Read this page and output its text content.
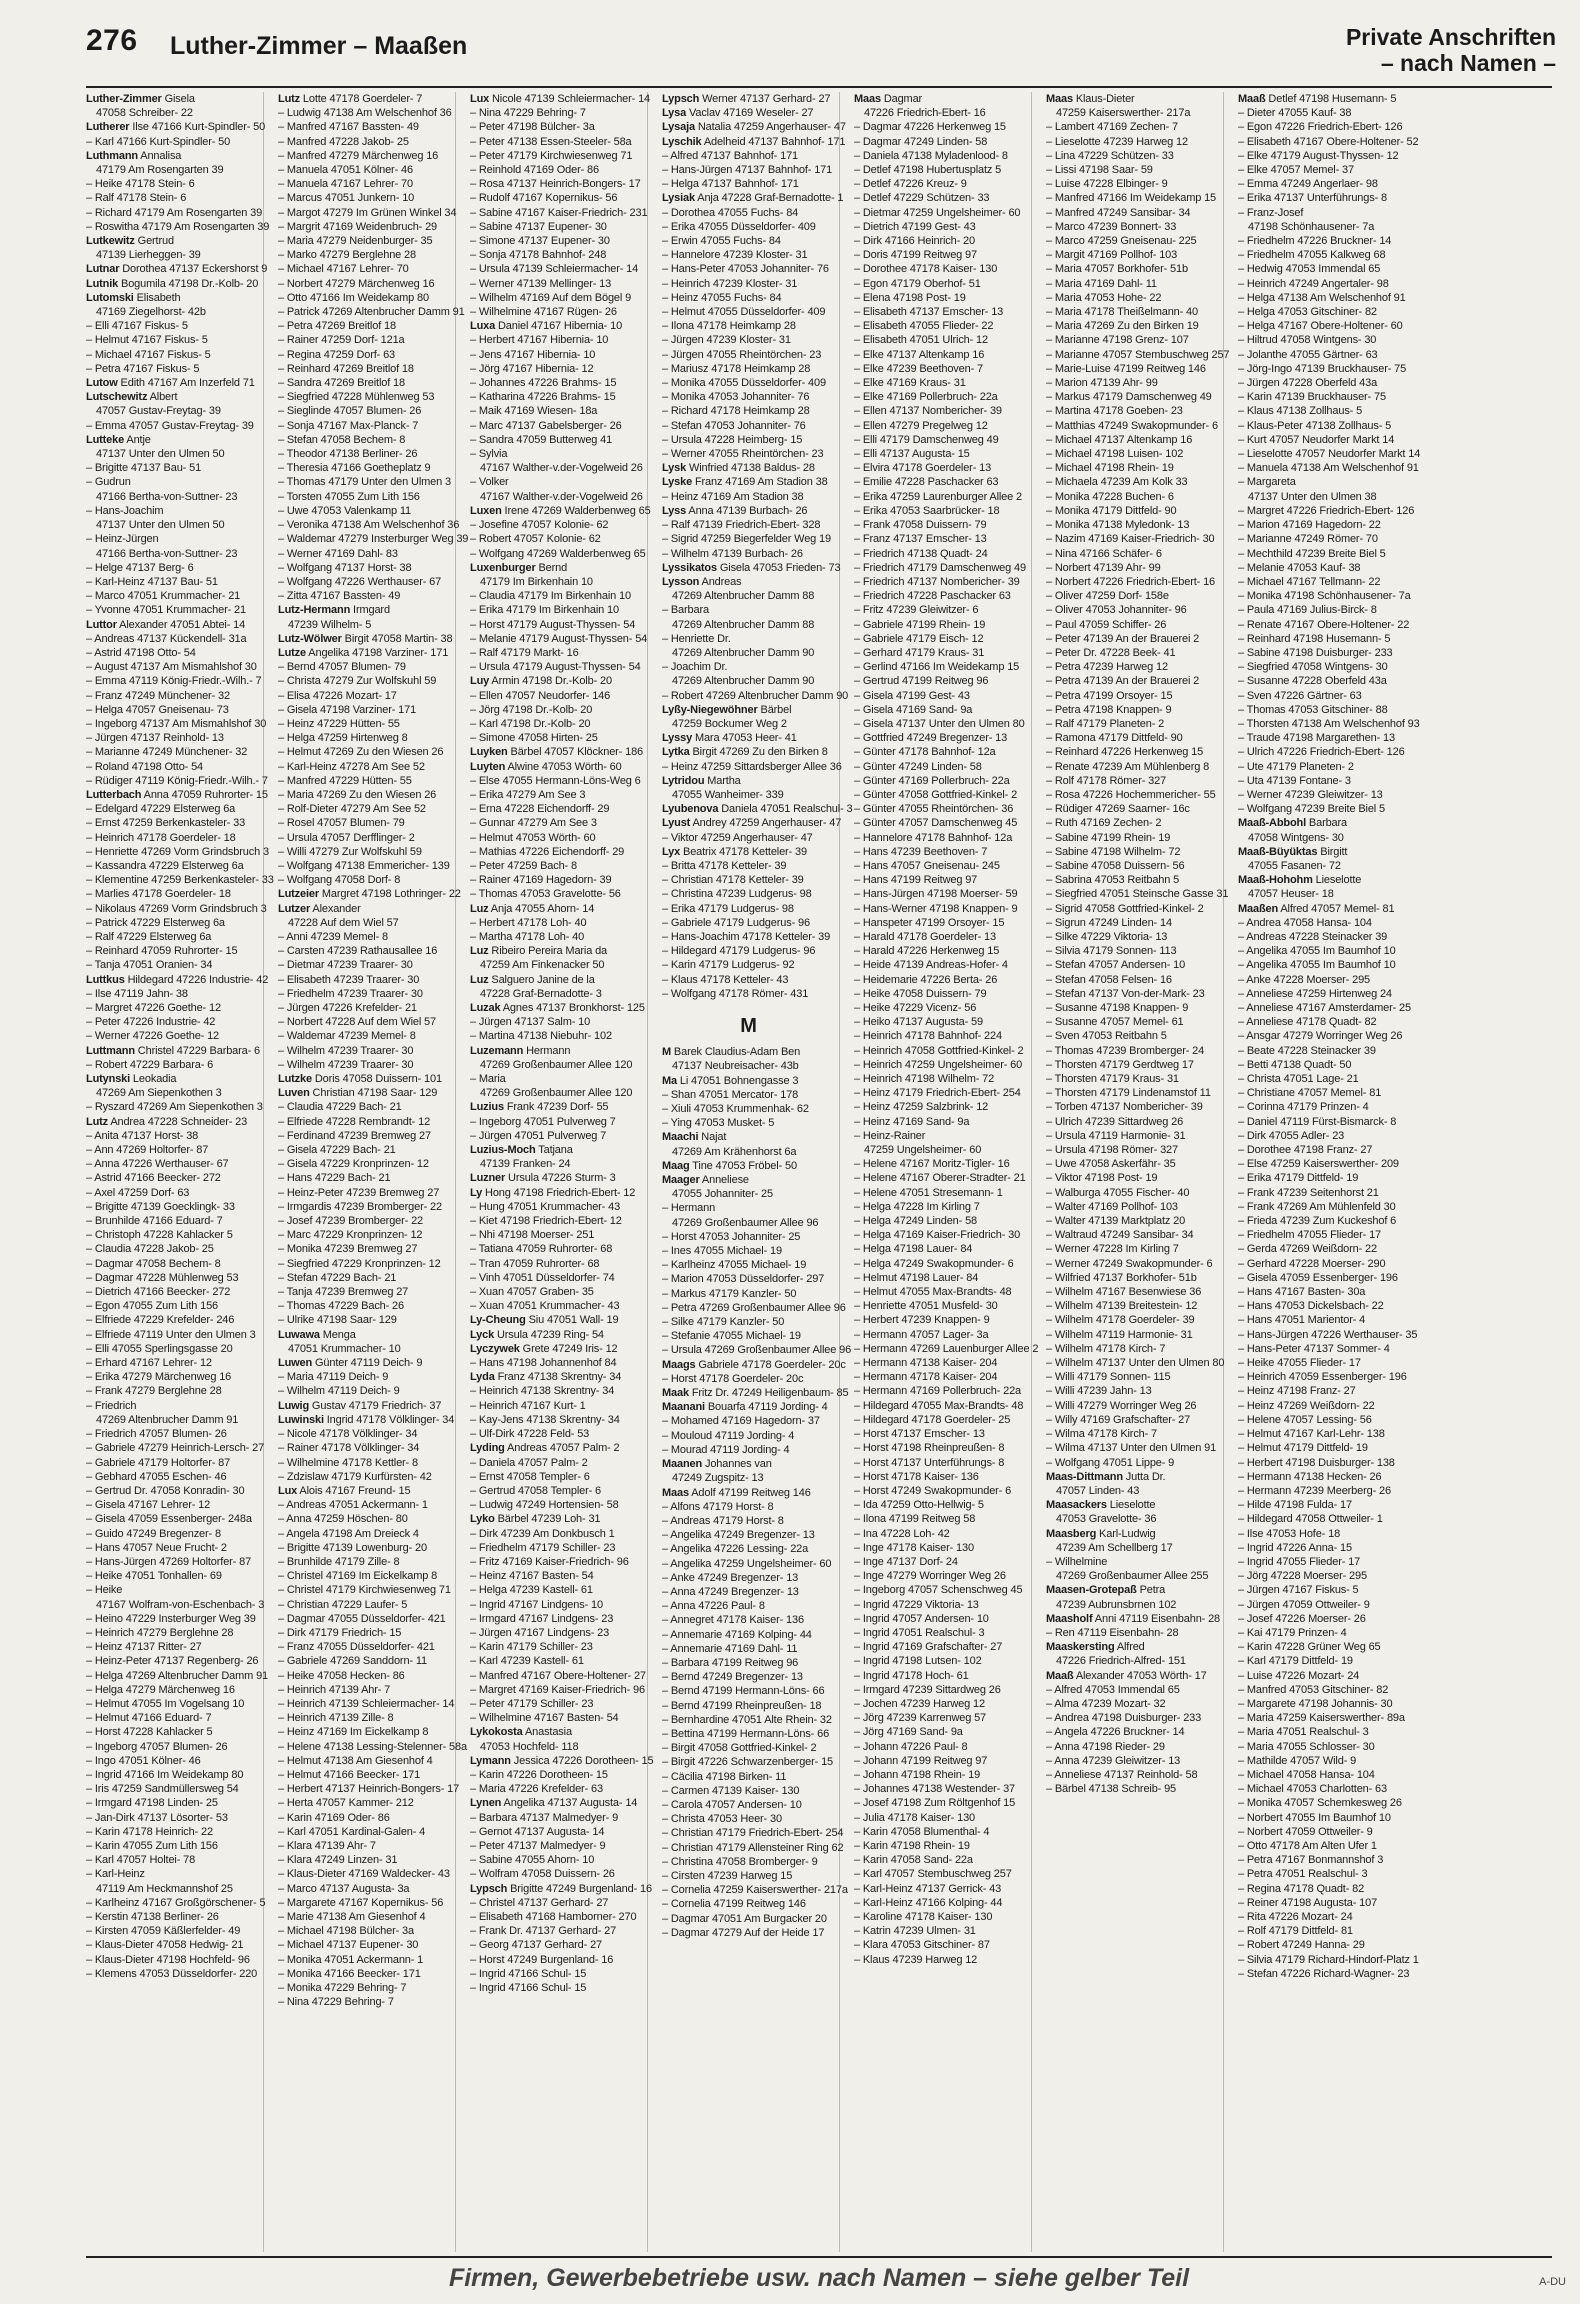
276 Luther-Zimmer – Maaßen	Private Anschriften
– nach Namen –
Luther-Zimmer Gisela
47058 Schreiber- 22
Lutherer Ilse 47166 Kurt-Spindler- 50
– Karl 47166 Kurt-Spindler- 50
Luthmann Annalisa
47179 Am Rosengarten 39
– Heike 47178 Stein- 6
– Ralf 47178 Stein- 6
– Richard 47179 Am Rosengarten 39
– Roswitha 47179 Am Rosengarten 39
Lutkewitz Gertrud
47139 Lierheggen- 39
Lutnar Dorothea 47137 Eckershorst 9
Lutnik Bogumila 47198 Dr.-Kolb- 20
Lutomski Elisabeth
47169 Ziegelhorst- 42b
– Elli 47167 Fiskus- 5
– Helmut 47167 Fiskus- 5
– Michael 47167 Fiskus- 5
– Petra 47167 Fiskus- 5
Lutow Edith 47167 Am Inzerfeld 71
Lutschewitz Albert
47057 Gustav-Freytag- 39
– Emma 47057 Gustav-Freytag- 39
Lutteke Antje
47137 Unter den Ulmen 50
– Brigitte 47137 Bau- 51
– Gudrun
47166 Bertha-von-Suttner- 23
– Hans-Joachim
47137 Unter den Ulmen 50
– Heinz-Jürgen
47166 Bertha-von-Suttner- 23
– Helge 47137 Berg- 6
– Karl-Heinz 47137 Bau- 51
– Marco 47051 Krummacher- 21
– Yvonne 47051 Krummacher- 21
Luttor Alexander 47051 Abtei- 14
– Andreas 47137 Kückendell- 31a
– Astrid 47198 Otto- 54
– August 47137 Am Mismahlshof 30
– Emma 47119 König-Friedr.-Wilh.- 7
– Franz 47249 Münchener- 32
– Helga 47057 Gneisenau- 73
– Ingeborg 47137 Am Mismahlshof 30
– Jürgen 47137 Reinhold- 13
– Marianne 47249 Münchener- 32
– Roland 47198 Otto- 54
– Rüdiger 47119 König-Friedr.-Wilh.- 7
Lutterbach Anna 47059 Ruhrorter- 15
– Edelgard 47229 Elsterweg 6a
– Ernst 47259 Berkenkasteler- 33
– Heinrich 47178 Goerdeler- 18
– Henriette 47269 Vorm Grindsbruch 3
– Kassandra 47229 Elsterweg 6a
– Klementine 47259 Berkenkasteler- 33
– Marlies 47178 Goerdeler- 18
– Nikolaus 47269 Vorm Grindsbruch 3
– Patrick 47229 Elsterweg 6a
– Ralf 47229 Elsterweg 6a
– Reinhard 47059 Ruhrorter- 15
– Tanja 47051 Oranien- 34
Luttkus Hildegard 47226 Industrie- 42
– Ilse 47119 Jahn- 38
– Margret 47226 Goethe- 12
– Peter 47226 Industrie- 42
– Werner 47226 Goethe- 12
Luttmann Christel 47229 Barbara- 6
– Robert 47229 Barbara- 6
Lutynski Leokadia
47269 Am Siepenkothen 3
– Ryszard 47269 Am Siepenkothen 3
Lutz Andrea 47228 Schneider- 23
– Anita 47137 Horst- 38
– Ann 47269 Holtorfer- 87
– Anna 47226 Werthauser- 67
– Astrid 47166 Beecker- 272
– Axel 47259 Dorf- 63
– Brigitte 47139 Goecklingk- 33
– Brunhilde 47166 Eduard- 7
– Christoph 47228 Kahlacker 5
– Claudia 47228 Jakob- 25
– Dagmar 47058 Bechem- 8
– Dagmar 47228 Mühlenweg 53
– Dietrich 47166 Beecker- 272
– Egon 47055 Zum Lith 156
– Elfriede 47229 Krefelder- 246
– Elfriede 47119 Unter den Ulmen 3
– Elli 47055 Sperlingsgasse 20
– Erhard 47167 Lehrer- 12
– Erika 47279 Märchenweg 16
– Frank 47279 Berglehne 28
– Friedrich
47269 Altenbrucher Damm 91
– Friedrich 47057 Blumen- 26
– Gabriele 47279 Heinrich-Lersch- 27
– Gabriele 47179 Holtorfer- 87
– Gebhard 47055 Eschen- 46
– Gertrud Dr. 47058 Konradin- 30
– Gisela 47167 Lehrer- 12
– Gisela 47059 Essenberger- 248a
– Guido 47249 Bregenzer- 8
– Hans 47057 Neue Frucht- 2
– Hans-Jürgen 47269 Holtorfer- 87
– Heike 47051 Tonhallen- 69
– Heike
47167 Wolfram-von-Eschenbach- 3
– Heino 47229 Insterburger Weg 39
– Heinrich 47279 Berglehne 28
– Heinz 47137 Ritter- 27
– Heinz-Peter 47137 Regenberg- 26
– Helga 47269 Altenbrucher Damm 91
– Helga 47279 Märchenweg 16
– Helmut 47055 Im Vogelsang 10
– Helmut 47166 Eduard- 7
– Horst 47228 Kahlacker 5
– Ingeborg 47057 Blumen- 26
– Ingo 47051 Kölner- 46
– Ingrid 47166 Im Weidekamp 80
– Iris 47259 Sandmüllersweg 54
– Irmgard 47198 Linden- 25
– Jan-Dirk 47137 Lösorter- 53
– Karin 47178 Heinrich- 22
– Karin 47055 Zum Lith 156
– Karl 47057 Holtei- 78
– Karl-Heinz
47119 Am Heckmannshof 25
– Karlheinz 47167 Großgörschener- 5
– Kerstin 47138 Berliner- 26
– Kirsten 47059 Käßlerfelder- 49
– Klaus-Dieter 47058 Hedwig- 21
– Klaus-Dieter 47198 Hochfeld- 96
– Klemens 47053 Düsseldorfer- 220
Lutz Lotte 47178 Goerdeler- 7
– Ludwig 47138 Am Welschenhof 36
– Manfred 47167 Bassten- 49
– Manfred 47228 Jakob- 25
– Manfred 47279 Märchenweg 16
– Manuela 47051 Kölner- 46
– Manuela 47167 Lehrer- 70
– Marcus 47051 Junkern- 10
– Margot 47279 Im Grünen Winkel 34
– Margrit 47169 Weidenbruch- 29
– Maria 47279 Neidenburger- 35
– Marko 47279 Berglehne 28
– Michael 47167 Lehrer- 70
– Norbert 47279 Märchenweg 16
– Otto 47166 Im Weidekamp 80
– Patrick 47269 Altenbrucher Damm 91
– Petra 47269 Breitlof 18
– Rainer 47259 Dorf- 121a
– Regina 47259 Dorf- 63
– Reinhard 47269 Breitlof 18
– Sandra 47269 Breitlof 18
– Siegfried 47228 Mühlenweg 53
– Sieglinde 47057 Blumen- 26
– Sonja 47167 Max-Planck- 7
– Stefan 47058 Bechem- 8
– Theodor 47138 Berliner- 26
– Theresia 47166 Goetheplatz 9
– Thomas 47179 Unter den Ulmen 3
– Torsten 47055 Zum Lith 156
– Uwe 47053 Valenkamp 11
– Veronika 47138 Am Welschenhof 36
– Waldemar 47279 Insterburger Weg 39
– Werner 47169 Dahl- 83
– Wolfgang 47137 Horst- 38
– Wolfgang 47226 Werthauser- 67
– Zitta 47167 Bassten- 49
Lutz-Hermann Irmgard
47239 Wilhelm- 5
Lutz-Wölwer Birgit 47058 Martin- 38
Lutze Angelika 47198 Varziner- 171
– Bernd 47057 Blumen- 79
– Christa 47279 Zur Wolfskuhl 59
– Elisa 47226 Mozart- 17
– Gisela 47198 Varziner- 171
– Heinz 47229 Hütten- 55
– Helga 47259 Hirtenweg 8
– Helmut 47269 Zu den Wiesen 26
– Karl-Heinz 47278 Am See 52
– Manfred 47229 Hütten- 55
– Maria 47269 Zu den Wiesen 26
– Rolf-Dieter 47279 Am See 52
– Rosel 47057 Blumen- 79
– Ursula 47057 Derfflinger- 2
– Willi 47279 Zur Wolfskuhl 59
– Wolfgang 47138 Emmericher- 139
– Wolfgang 47058 Dorf- 8
Lutzeier Margret 47198 Lothringer- 22
Lutzer Alexander
47228 Auf dem Wiel 57
– Anni 47239 Memel- 8
– Carsten 47239 Rathausallee 16
– Dietmar 47239 Traarer- 30
– Elisabeth 47239 Traarer- 30
– Friedhelm 47239 Traarer- 30
– Jürgen 47226 Krefelder- 21
– Norbert 47228 Auf dem Wiel 57
– Waldemar 47239 Memel- 8
– Wilhelm 47239 Traarer- 30
– Wilhelm 47239 Traarer- 30
Lutzke Doris 47058 Duissern- 101
Luven Christian 47198 Saar- 129
– Claudia 47229 Bach- 21
– Elfriede 47228 Rembrandt- 12
– Ferdinand 47239 Bremweg 27
– Gisela 47229 Bach- 21
– Gisela 47229 Kronprinzen- 12
– Hans 47229 Bach- 21
– Heinz-Peter 47239 Bremweg 27
– Irmgardis 47239 Bromberger- 22
– Josef 47239 Bromberger- 22
– Marc 47229 Kronprinzen- 12
– Monika 47239 Bremweg 27
– Siegfried 47229 Kronprinzen- 12
– Stefan 47229 Bach- 21
– Tanja 47239 Bremweg 27
– Thomas 47229 Bach- 26
– Ulrike 47198 Saar- 129
Luwawa Menga
47051 Krummacher- 10
Luwen Günter 47119 Deich- 9
– Maria 47119 Deich- 9
– Wilhelm 47119 Deich- 9
Luwig Gustav 47179 Friedrich- 37
Luwinski Ingrid 47178 Völklinger- 34
– Nicole 47178 Völklinger- 34
– Rainer 47178 Völklinger- 34
– Wilhelmine 47178 Kettler- 8
– Zdzislaw 47179 Kurfürsten- 42
Lux Alois 47167 Freund- 15
– Andreas 47051 Ackermann- 1
– Anna 47259 Höschen- 80
– Angela 47198 Am Dreieck 4
– Brigitte 47139 Lowenburg- 20
– Brunhilde 47179 Zille- 8
– Christel 47169 Im Eickelkamp 8
– Christel 47179 Kirchwiesenweg 71
– Christian 47229 Laufer- 5
– Dagmar 47055 Düsseldorfer- 421
– Dirk 47179 Friedrich- 15
– Franz 47055 Düsseldorfer- 421
– Gabriele 47269 Sanddorn- 11
– Heike 47058 Hecken- 86
– Heinrich 47139 Ahr- 7
– Heinrich 47139 Schleiermacher- 14
– Heinrich 47139 Zille- 8
– Heinz 47169 Im Eickelkamp 8
– Helene 47138 Lessing-Stelenner- 58a
– Helmut 47138 Am Giesenhof 4
– Helmut 47166 Beecker- 171
– Herbert 47137 Heinrich-Bongers- 17
– Herta 47057 Kammer- 212
– Karin 47169 Oder- 86
– Karl 47051 Kardinal-Galen- 4
– Klara 47139 Ahr- 7
– Klara 47249 Linzen- 31
– Klaus-Dieter 47169 Waldecker- 43
– Marco 47137 Augusta- 3a
– Margarete 47167 Kopernikus- 56
– Marie 47138 Am Giesenhof 4
– Michael 47198 Bülcher- 3a
– Michael 47137 Eupener- 30
– Monika 47051 Ackermann- 1
– Monika 47166 Beecker- 171
– Monika 47229 Behring- 7
– Nina 47229 Behring- 7
Lux Nicole 47139 Schleiermacher- 14
– Nina 47229 Behring- 7
– Peter 47198 Bülcher- 3a
– Peter 47138 Essen-Steeler- 58a
– Peter 47179 Kirchwiesenweg 71
– Reinhold 47169 Oder- 86
– Rosa 47137 Heinrich-Bongers- 17
– Rudolf 47167 Kopernikus- 56
– Sabine 47167 Kaiser-Friedrich- 231
– Sabine 47137 Eupener- 30
– Simone 47137 Eupener- 30
– Sonja 47178 Bahnhof- 248
– Ursula 47139 Schleiermacher- 14
– Werner 47139 Mellinger- 13
– Wilhelm 47169 Auf dem Bögel 9
– Wilhelmine 47167 Rügen- 26
Luxa Daniel 47167 Hibernia- 10
– Herbert 47167 Hibernia- 10
– Jens 47167 Hibernia- 10
– Jörg 47167 Hibernia- 12
– Johannes 47226 Brahms- 15
– Katharina 47226 Brahms- 15
– Maik 47169 Wiesen- 18a
– Marc 47137 Gabelsberger- 26
– Sandra 47059 Butterweg 41
– Sylvia
47167 Walther-v.der-Vogelweid 26
– Volker
47167 Walther-v.der-Vogelweid 26
Luxen Irene 47269 Walderbenweg 65
– Josefine 47057 Kolonie- 62
– Robert 47057 Kolonie- 62
– Wolfgang 47269 Walderbenweg 65
Luxenburger Bernd
47179 Im Birkenhain 10
– Claudia 47179 Im Birkenhain 10
– Erika 47179 Im Birkenhain 10
– Horst 47179 August-Thyssen- 54
– Melanie 47179 August-Thyssen- 54
– Ralf 47179 Markt- 16
– Ursula 47179 August-Thyssen- 54
Luy Armin 47198 Dr.-Kolb- 20
– Ellen 47057 Neudorfer- 146
– Jörg 47198 Dr.-Kolb- 20
– Karl 47198 Dr.-Kolb- 20
– Simone 47058 Hirten- 25
Luyken Bärbel 47057 Klöckner- 186
Luyten Alwine 47053 Wörth- 60
– Else 47055 Hermann-Löns-Weg 6
– Erika 47279 Am See 3
– Erna 47228 Eichendorff- 29
– Gunnar 47279 Am See 3
– Helmut 47053 Wörth- 60
– Mathias 47226 Eichendorff- 29
– Peter 47259 Bach- 8
– Rainer 47169 Hagedorn- 39
– Thomas 47053 Gravelotte- 56
Luz Anja 47055 Ahorn- 14
– Herbert 47178 Loh- 40
– Martha 47178 Loh- 40
Luz Ribeiro Pereira Maria da
47259 Am Finkenacker 50
Luz Salguero Janine de la
47228 Graf-Bernadotte- 3
Luzak Agnes 47137 Bronkhorst- 125
– Jürgen 47137 Salm- 10
– Martina 47138 Niebuhr- 102
Luzemann Hermann
47269 Großenbaumer Allee 120
– Maria
47269 Großenbaumer Allee 120
Luzius Frank 47239 Dorf- 55
– Ingeborg 47051 Pulverweg 7
– Jürgen 47051 Pulverweg 7
Luzius-Moch Tatjana
47139 Franken- 24
Luzner Ursula 47226 Sturm- 3
Ly Hong 47198 Friedrich-Ebert- 12
– Hung 47051 Krummacher- 43
– Kiet 47198 Friedrich-Ebert- 12
– Nhi 47198 Moerser- 251
– Tatiana 47059 Ruhrorter- 68
– Tran 47059 Ruhrorter- 68
– Vinh 47051 Düsseldorfer- 74
– Xuan 47057 Graben- 35
– Xuan 47051 Krummacher- 43
Ly-Cheung Siu 47051 Wall- 19
Lyck Ursula 47239 Ring- 54
Lyczywek Grete 47249 Iris- 12
– Hans 47198 Johannenhof 84
Lyda Franz 47138 Skrentny- 34
– Heinrich 47138 Skrentny- 34
– Heinrich 47167 Kurt- 1
– Kay-Jens 47138 Skrentny- 34
– Ulf-Dirk 47228 Feld- 53
Lyding Andreas 47057 Palm- 2
– Daniela 47057 Palm- 2
– Ernst 47058 Templer- 6
– Gertrud 47058 Templer- 6
– Ludwig 47249 Hortensien- 58
Lyko Bärbel 47239 Loh- 31
– Dirk 47239 Am Donkbusch 1
– Friedhelm 47179 Schiller- 23
– Fritz 47169 Kaiser-Friedrich- 96
– Heinz 47167 Basten- 54
– Helga 47239 Kastell- 61
– Ingrid 47167 Lindgens- 10
– Irmgard 47167 Lindgens- 23
– Jürgen 47167 Lindgens- 23
– Karin 47179 Schiller- 23
– Karl 47239 Kastell- 61
– Manfred 47167 Obere-Holtener- 27
– Margret 47169 Kaiser-Friedrich- 96
– Peter 47179 Schiller- 23
– Wilhelmine 47167 Basten- 54
Lykokosta Anastasia
47053 Hochfeld- 118
Lymann Jessica 47226 Dorotheen- 15
– Karin 47226 Dorotheen- 15
– Maria 47226 Krefelder- 63
Lynen Angelika 47137 Augusta- 14
– Barbara 47137 Malmedyer- 9
– Gernot 47137 Augusta- 14
– Peter 47137 Malmedyer- 9
– Sabine 47055 Ahorn- 10
– Wolfram 47058 Duissern- 26
Lypsch Brigitte 47249 Burgenland- 16
– Christel 47137 Gerhard- 27
– Elisabeth 47168 Hamborner- 270
– Frank Dr. 47137 Gerhard- 27
– Georg 47137 Gerhard- 27
– Horst 47249 Burgenland- 16
– Ingrid 47166 Schul- 15
– Ingrid 47166 Schul- 15
Lypsch Werner 47137 Gerhard- 27
Lysa Vaclav 47169 Weseler- 27
Lysaja Natalia 47259 Angerhauser- 47
Lyschik Adelheid 47137 Bahnhof- 171
– Alfred 47137 Bahnhof- 171
– Hans-Jürgen 47137 Bahnhof- 171
– Helga 47137 Bahnhof- 171
Lysiak Anja 47228 Graf-Bernadotte- 1
– Dorothea 47055 Fuchs- 84
– Erika 47055 Düsseldorfer- 409
– Erwin 47055 Fuchs- 84
– Hannelore 47239 Kloster- 31
– Hans-Peter 47053 Johanniter- 76
– Heinrich 47239 Kloster- 31
– Heinz 47055 Fuchs- 84
– Helmut 47055 Düsseldorfer- 409
– Ilona 47178 Heimkamp 28
– Jürgen 47239 Kloster- 31
– Jürgen 47055 Rheintörchen- 23
– Mariusz 47178 Heimkamp 28
– Monika 47055 Düsseldorfer- 409
– Monika 47053 Johanniter- 76
– Richard 47178 Heimkamp 28
– Stefan 47053 Johanniter- 76
– Ursula 47228 Heimberg- 15
– Werner 47055 Rheintörchen- 23
Lysk Winfried 47138 Baldus- 28
Lyske Franz 47169 Am Stadion 38
– Heinz 47169 Am Stadion 38
Lyss Anna 47139 Burbach- 26
– Ralf 47139 Friedrich-Ebert- 328
– Sigrid 47259 Biegerfelder Weg 19
– Wilhelm 47139 Burbach- 26
Lyssikatos Gisela 47053 Frieden- 73
Lysson Andreas
47269 Altenbrucher Damm 88
– Barbara
47269 Altenbrucher Damm 88
– Henriette Dr.
47269 Altenbrucher Damm 90
– Joachim Dr.
47269 Altenbrucher Damm 90
– Robert 47269 Altenbrucher Damm 90
Lyßy-Niegewöhner Bärbel
47259 Bockumer Weg 2
Lyssy Mara 47053 Heer- 41
Lytka Birgit 47269 Zu den Birken 8
– Heinz 47259 Sittardsberger Allee 36
Lytridou Martha
47055 Wanheimer- 339
Lyubenova Daniela 47051 Realschul- 3
Lyust Andrey 47259 Angerhauser- 47
– Viktor 47259 Angerhauser- 47
Lyx Beatrix 47178 Ketteler- 39
– Britta 47178 Ketteler- 39
– Christian 47178 Ketteler- 39
– Christina 47239 Ludgerus- 98
– Erika 47179 Ludgerus- 98
– Gabriele 47179 Ludgerus- 96
– Hans-Joachim 47178 Ketteler- 39
– Hildegard 47179 Ludgerus- 96
– Karin 47179 Ludgerus- 92
– Klaus 47178 Ketteler- 43
– Wolfgang 47178 Römer- 431
M
M Barek Claudius-Adam Ben
47137 Neubreisacher- 43b
Ma Li 47051 Bohnengasse 3
– Shan 47051 Mercator- 178
– Xiuli 47053 Krummenhak- 62
– Ying 47053 Musket- 5
Maachi Najat
47269 Am Krähenhorst 6a
Maag Tine 47053 Fröbel- 50
Maager Anneliese
47055 Johanniter- 25
– Hermann
47269 Großenbaumer Allee 96
– Horst 47053 Johanniter- 25
– Ines 47055 Michael- 19
– Karlheinz 47055 Michael- 19
– Marion 47053 Düsseldorfer- 297
– Markus 47179 Kanzler- 50
– Petra 47269 Großenbaumer Allee 96
– Silke 47179 Kanzler- 50
– Stefanie 47055 Michael- 19
– Ursula 47269 Großenbaumer Allee 96
Maags Gabriele 47178 Goerdeler- 20c
– Horst 47178 Goerdeler- 20c
Maak Fritz Dr. 47249 Heiligenbaum- 85
Maanani Bouarfa 47119 Jording- 4
– Mohamed 47169 Hagedorn- 37
– Mouloud 47119 Jording- 4
– Mourad 47119 Jording- 4
Maanen Johannes van
47249 Zugspitz- 13
Maas Adolf 47199 Reitweg 146
– Alfons 47179 Horst- 8
– Andreas 47179 Horst- 8
– Angelika 47249 Bregenzer- 13
– Angelika 47226 Lessing- 22a
– Angelika 47259 Ungelsheimer- 60
– Anke 47249 Bregenzer- 13
– Anna 47249 Bregenzer- 13
– Anna 47226 Paul- 8
– Annegret 47178 Kaiser- 136
– Annemarie 47169 Kolping- 44
– Annemarie 47169 Dahl- 11
– Barbara 47199 Reitweg 96
– Bernd 47249 Bregenzer- 13
– Bernd 47199 Hermann-Löns- 66
– Bernd 47199 Rheinpreußen- 18
– Bernhardine 47051 Alte Rhein- 32
– Bettina 47199 Hermann-Löns- 66
– Birgit 47058 Gottfried-Kinkel- 2
– Birgit 47226 Schwarzenberger- 15
– Cäcilia 47198 Birken- 11
– Carmen 47139 Kaiser- 130
– Carola 47057 Andersen- 10
– Christa 47053 Heer- 30
– Christian 47179 Friedrich-Ebert- 254
– Christian 47179 Allensteiner Ring 62
– Christina 47058 Bromberger- 9
– Cirsten 47239 Harweg 15
– Cornelia 47259 Kaiserswerther- 217a
– Cornelia 47199 Reitweg 146
– Dagmar 47051 Am Burgacker 20
– Dagmar 47279 Auf der Heide 17
Maas Dagmar
47226 Friedrich-Ebert- 16
– Dagmar 47226 Herkenweg 15
– Dagmar 47249 Linden- 58
– Daniela 47138 Myladenlood- 8
– Detlef 47198 Hubertusplatz 5
– Detlef 47226 Kreuz- 9
– Detlef 47229 Schützen- 33
– Dietmar 47259 Ungelsheimer- 60
– Dietrich 47199 Gest- 43
– Dirk 47166 Heinrich- 20
– Doris 47199 Reitweg 97
– Dorothee 47178 Kaiser- 130
– Egon 47179 Oberhof- 51
– Elena 47198 Post- 19
– Elisabeth 47137 Emscher- 13
– Elisabeth 47055 Flieder- 22
– Elisabeth 47051 Ulrich- 12
– Elke 47137 Altenkamp 16
– Elke 47239 Beethoven- 7
– Elke 47169 Kraus- 31
– Elke 47169 Pollerbruch- 22a
– Ellen 47137 Nombericher- 39
– Ellen 47279 Pregelweg 12
– Elli 47179 Damschenweg 49
– Elli 47137 Augusta- 15
– Elvira 47178 Goerdeler- 13
– Emilie 47228 Paschacker 63
– Erika 47259 Laurenburger Allee 2
– Erika 47053 Saarbrücker- 18
– Frank 47058 Duissern- 79
– Franz 47137 Emscher- 13
– Friedrich 47138 Quadt- 24
– Friedrich 47179 Damschenweg 49
– Friedrich 47137 Nombericher- 39
– Friedrich 47228 Paschacker 63
– Fritz 47239 Gleiwitzer- 6
– Gabriele 47199 Rhein- 19
– Gabriele 47179 Eisch- 12
– Gerhard 47179 Kraus- 31
– Gerlind 47166 Im Weidekamp 15
– Gertrud 47199 Reitweg 96
– Gisela 47199 Gest- 43
– Gisela 47169 Sand- 9a
– Gisela 47137 Unter den Ulmen 80
– Gottfried 47249 Bregenzer- 13
– Günter 47178 Bahnhof- 12a
– Günter 47249 Linden- 58
– Günter 47169 Pollerbruch- 22a
– Günter 47058 Gottfried-Kinkel- 2
– Günter 47055 Rheintörchen- 36
– Günter 47057 Damschenweg 45
– Hannelore 47178 Bahnhof- 12a
– Hans 47239 Beethoven- 7
– Hans 47057 Gneisenau- 245
– Hans 47199 Reitweg 97
– Hans-Jürgen 47198 Moerser- 59
– Hans-Werner 47198 Knappen- 9
– Hanspeter 47199 Orsoyer- 15
– Harald 47178 Goerdeler- 13
– Harald 47226 Herkenweg 15
– Heide 47139 Andreas-Hofer- 4
– Heidemarie 47226 Berta- 26
– Heike 47058 Duissern- 79
– Heike 47229 Vicenz- 56
– Heiko 47137 Augusta- 59
– Heinrich 47178 Bahnhof- 224
– Heinrich 47058 Gottfried-Kinkel- 2
– Heinrich 47259 Ungelsheimer- 60
– Heinrich 47198 Wilhelm- 72
– Heinz 47179 Friedrich-Ebert- 254
– Heinz 47259 Salzbrink- 12
– Heinz 47169 Sand- 9a
– Heinz-Rainer
47259 Ungelsheimer- 60
– Helene 47167 Moritz-Tigler- 16
– Helene 47167 Oberer-Stradter- 21
– Helene 47051 Stresemann- 1
– Helga 47228 Im Kirling 7
– Helga 47249 Linden- 58
– Helga 47169 Kaiser-Friedrich- 30
– Helga 47198 Lauer- 84
– Helga 47249 Swakopmunder- 6
– Helmut 47198 Lauer- 84
– Helmut 47055 Max-Brandts- 48
– Henriette 47051 Musfeld- 30
– Herbert 47239 Knappen- 9
– Hermann 47057 Lager- 3a
– Hermann 47269 Lauenburger Allee 2
– Hermann 47138 Kaiser- 204
– Hermann 47178 Kaiser- 204
– Hermann 47169 Pollerbruch- 22a
– Hildegard 47055 Max-Brandts- 48
– Hildegard 47178 Goerdeler- 25
– Horst 47137 Emscher- 13
– Horst 47198 Rheinpreußen- 8
– Horst 47137 Unterführungs- 8
– Horst 47178 Kaiser- 136
– Horst 47249 Swakopmunder- 6
– Ida 47259 Otto-Hellwig- 5
– Ilona 47199 Reitweg 58
– Ina 47228 Loh- 42
– Inge 47178 Kaiser- 130
– Inge 47137 Dorf- 24
– Inge 47279 Worringer Weg 26
– Ingeborg 47057 Schenschweg 45
– Ingrid 47229 Viktoria- 13
– Ingrid 47057 Andersen- 10
– Ingrid 47051 Realschul- 3
– Ingrid 47169 Grafschafter- 27
– Ingrid 47198 Lutsen- 102
– Ingrid 47178 Hoch- 61
– Irmgard 47239 Sittardweg 26
– Jochen 47239 Harweg 12
– Jörg 47239 Karrenweg 57
– Jörg 47169 Sand- 9a
– Johann 47226 Paul- 8
– Johann 47199 Reitweg 97
– Johann 47198 Rhein- 19
– Johannes 47138 Westender- 37
– Josef 47198 Zum Röltgenhof 15
– Julia 47178 Kaiser- 130
– Karin 47058 Blumenthal- 4
– Karin 47198 Rhein- 19
– Karin 47058 Sand- 22a
– Karl 47057 Stembuschweg 257
– Karl-Heinz 47137 Gerrick- 43
– Karl-Heinz 47166 Kolping- 44
– Karoline 47178 Kaiser- 130
– Katrin 47239 Ulmen- 31
– Klara 47053 Gitschiner- 87
– Klaus 47239 Harweg 12
Maas Klaus-Dieter
47259 Kaiserswerther- 217a
– Lambert 47169 Zechen- 7
– Lieselotte 47239 Harweg 12
– Lina 47229 Schützen- 33
– Lissi 47198 Saar- 59
– Luise 47228 Elbinger- 9
– Manfred 47166 Im Weidekamp 15
– Manfred 47249 Sansibar- 34
– Marco 47239 Bonnert- 33
– Marco 47259 Gneisenau- 225
– Margit 47169 Pollhof- 103
– Maria 47057 Borkhofer- 51b
– Maria 47169 Dahl- 11
– Maria 47053 Hohe- 22
– Maria 47178 Theißelmann- 40
– Maria 47269 Zu den Birken 19
– Marianne 47198 Grenz- 107
– Marianne 47057 Stembuschweg 257
– Marie-Luise 47199 Reitweg 146
– Marion 47139 Ahr- 99
– Markus 47179 Damschenweg 49
– Martina 47178 Goeben- 23
– Matthias 47249 Swakopmunder- 6
– Michael 47137 Altenkamp 16
– Michael 47198 Luisen- 102
– Michael 47198 Rhein- 19
– Michaela 47239 Am Kolk 33
– Monika 47228 Buchen- 6
– Monika 47179 Dittfeld- 90
– Monika 47138 Myledonk- 13
– Nazim 47169 Kaiser-Friedrich- 30
– Nina 47166 Schäfer- 6
– Norbert 47139 Ahr- 99
– Norbert 47226 Friedrich-Ebert- 16
– Oliver 47259 Dorf- 158e
– Oliver 47053 Johanniter- 96
– Paul 47059 Schiffer- 26
– Peter 47139 An der Brauerei 2
– Peter Dr. 47228 Beek- 41
– Petra 47239 Harweg 12
– Petra 47139 An der Brauerei 2
– Petra 47199 Orsoyer- 15
– Petra 47198 Knappen- 9
– Ralf 47179 Planeten- 2
– Ramona 47179 Dittfeld- 90
– Reinhard 47226 Herkenweg 15
– Renate 47239 Am Mühlenberg 8
– Rolf 47178 Römer- 327
– Rosa 47226 Hochemmericher- 55
– Rüdiger 47269 Saarner- 16c
– Ruth 47169 Zechen- 2
– Sabine 47199 Rhein- 19
– Sabine 47198 Wilhelm- 72
– Sabine 47058 Duissern- 56
– Sabrina 47053 Reitbahn 5
– Siegfried 47051 Steinsche Gasse 31
– Sigrid 47058 Gottfried-Kinkel- 2
– Sigrun 47249 Linden- 14
– Silke 47229 Viktoria- 13
– Silvia 47179 Sonnen- 113
– Stefan 47057 Andersen- 10
– Stefan 47058 Felsen- 16
– Stefan 47137 Von-der-Mark- 23
– Susanne 47198 Knappen- 9
– Susanne 47057 Memel- 61
– Sven 47053 Reitbahn 5
– Thomas 47239 Bromberger- 24
– Thorsten 47179 Gerdtweg 17
– Thorsten 47179 Kraus- 31
– Thorsten 47179 Lindenamstof 11
– Torben 47137 Nombericher- 39
– Ulrich 47239 Sittardweg 26
– Ursula 47119 Harmonie- 31
– Ursula 47198 Römer- 327
– Uwe 47058 Askerfähr- 35
– Viktor 47198 Post- 19
– Walburga 47055 Fischer- 40
– Walter 47169 Pollhof- 103
– Walter 47139 Marktplatz 20
– Waltraud 47249 Sansibar- 34
– Werner 47228 Im Kirling 7
– Werner 47249 Swakopmunder- 6
– Wilfried 47137 Borkhofer- 51b
– Wilhelm 47167 Besenwiese 36
– Wilhelm 47139 Breitestein- 12
– Wilhelm 47178 Goerdeler- 39
– Wilhelm 47119 Harmonie- 31
– Wilhelm 47178 Kirch- 7
– Wilhelm 47137 Unter den Ulmen 80
– Willi 47179 Sonnen- 115
– Willi 47239 Jahn- 13
– Willi 47279 Worringer Weg 26
– Willy 47169 Grafschafter- 27
– Wilma 47178 Kirch- 7
– Wilma 47137 Unter den Ulmen 91
– Wolfgang 47051 Lippe- 9
Maas-Dittmann Jutta Dr.
47057 Linden- 43
Maasackers Lieselotte
47053 Gravelotte- 36
Maasberg Karl-Ludwig
47239 Am Schellberg 17
– Wilhelmine
47269 Großenbaumer Allee 255
Maasen-Grotepaß Petra
47239 Aubrunsbrnen 102
Maasholf Anni 47119 Eisenbahn- 28
– Ren 47119 Eisenbahn- 28
Maaskersting Alfred
47226 Friedrich-Alfred- 151
Maaß Alexander 47053 Wörth- 17
– Alfred 47053 Immendal 65
– Alma 47239 Mozart- 32
– Andrea 47198 Duisburger- 233
– Angela 47226 Bruckner- 14
– Anna 47198 Rieder- 29
– Anna 47239 Gleiwitzer- 13
– Anneliese 47137 Reinhold- 58
– Bärbel 47138 Schreib- 95
Maaß Detlef 47198 Husemann- 5
– Dieter 47055 Kauf- 38
– Egon 47226 Friedrich-Ebert- 126
– Elisabeth 47167 Obere-Holtener- 52
– Elke 47179 August-Thyssen- 12
– Elke 47057 Memel- 37
– Emma 47249 Angerlaer- 98
– Erika 47137 Unterführungs- 8
– Franz-Josef
47198 Schönhausener- 7a
– Friedhelm 47226 Bruckner- 14
– Friedhelm 47055 Kalkweg 68
– Hedwig 47053 Immendal 65
– Heinrich 47249 Angertaler- 98
– Helga 47138 Am Welschenhof 91
– Helga 47053 Gitschiner- 82
– Helga 47167 Obere-Holtener- 60
– Hiltrud 47058 Wintgens- 30
– Jolanthe 47055 Gärtner- 63
– Jörg-Ingo 47139 Bruckhauser- 75
– Jürgen 47228 Oberfeld 43a
– Karin 47139 Bruckhauser- 75
– Klaus 47138 Zollhaus- 5
– Klaus-Peter 47138 Zollhaus- 5
– Kurt 47057 Neudorfer Markt 14
– Lieselotte 47057 Neudorfer Markt 14
– Manuela 47138 Am Welschenhof 91
– Margareta
47137 Unter den Ulmen 38
– Margret 47226 Friedrich-Ebert- 126
– Marion 47169 Hagedorn- 22
– Marianne 47249 Römer- 70
– Mechthild 47239 Breite Biel 5
– Melanie 47053 Kauf- 38
– Michael 47167 Tellmann- 22
– Monika 47198 Schönhausener- 7a
– Paula 47169 Julius-Birck- 8
– Renate 47167 Obere-Holtener- 22
– Reinhard 47198 Husemann- 5
– Sabine 47198 Duisburger- 233
– Siegfried 47058 Wintgens- 30
– Susanne 47228 Oberfeld 43a
– Sven 47226 Gärtner- 63
– Thomas 47053 Gitschiner- 88
– Thorsten 47138 Am Welschenhof 93
– Traude 47198 Margarethen- 13
– Ulrich 47226 Friedrich-Ebert- 126
– Ute 47179 Planeten- 2
– Uta 47139 Fontane- 3
– Werner 47239 Gleiwitzer- 13
– Wolfgang 47239 Breite Biel 5
Maaß-Abbohl Barbara
47058 Wintgens- 30
Maaß-Büyüktas Birgitt
47055 Fasanen- 72
Maaß-Hohohm Lieselotte
47057 Heuser- 18
Maaßen Alfred 47057 Memel- 81
– Andrea 47058 Hansa- 104
– Andreas 47228 Steinacker 39
– Angelika 47055 Im Baumhof 10
– Angelika 47055 Im Baumhof 10
– Anke 47228 Moerser- 295
– Anneliese 47259 Hirtenweg 24
– Anneliese 47167 Amsterdamer- 25
– Anneliese 47178 Quadt- 82
– Ansgar 47279 Worringer Weg 26
– Beate 47228 Steinacker 39
– Betti 47138 Quadt- 50
– Christa 47051 Lage- 21
– Christiane 47057 Memel- 81
– Corinna 47179 Prinzen- 4
– Daniel 47119 Fürst-Bismarck- 8
– Dirk 47055 Adler- 23
– Dorothee 47198 Franz- 27
– Else 47259 Kaiserswerther- 209
– Erika 47179 Dittfeld- 19
– Frank 47239 Seitenhorst 21
– Frank 47269 Am Mühlenfeld 30
– Frieda 47239 Zum Kuckeshof 6
– Friedhelm 47055 Flieder- 17
– Gerda 47269 Weißdorn- 22
– Gerhard 47228 Moerser- 290
– Gisela 47059 Essenberger- 196
– Hans 47167 Basten- 30a
– Hans 47053 Dickelsbach- 22
– Hans 47051 Marientor- 4
– Hans-Jürgen 47226 Werthauser- 35
– Hans-Peter 47137 Sommer- 4
– Heike 47055 Flieder- 17
– Heinrich 47059 Essenberger- 196
– Heinz 47198 Franz- 27
– Heinz 47269 Weißdorn- 22
– Helene 47057 Lessing- 56
– Helmut 47167 Karl-Lehr- 138
– Helmut 47179 Dittfeld- 19
– Herbert 47198 Duisburger- 138
– Hermann 47138 Hecken- 26
– Hermann 47239 Meerberg- 26
– Hilde 47198 Fulda- 17
– Hildegard 47058 Ottweiler- 1
– Ilse 47053 Hofe- 18
– Ingrid 47226 Anna- 15
– Ingrid 47055 Flieder- 17
– Jörg 47228 Moerser- 295
– Jürgen 47167 Fiskus- 5
– Jürgen 47059 Ottweiler- 9
– Josef 47226 Moerser- 26
– Kai 47179 Prinzen- 4
– Karin 47228 Grüner Weg 65
– Karl 47179 Dittfeld- 19
– Luise 47226 Mozart- 24
– Manfred 47053 Gitschiner- 82
– Margarete 47198 Johannis- 30
– Maria 47259 Kaiserswerther- 89a
– Maria 47051 Realschul- 3
– Maria 47055 Schlosser- 30
– Mathilde 47057 Wild- 9
– Michael 47058 Hansa- 104
– Michael 47053 Charlotten- 63
– Monika 47057 Schemkesweg 26
– Norbert 47055 Im Baumhof 10
– Norbert 47059 Ottweiler- 9
– Otto 47178 Am Alten Ufer 1
– Petra 47167 Bonmannshof 3
– Petra 47051 Realschul- 3
– Regina 47178 Quadt- 82
– Reiner 47198 Augusta- 107
– Rita 47226 Mozart- 24
– Rolf 47179 Dittfeld- 81
– Robert 47249 Hanna- 29
– Silvia 47179 Richard-Hindorf-Platz 1
– Stefan 47226 Richard-Wagner- 23
Firmen, Gewerbebetriebe usw. nach Namen – siehe gelber Teil	A-DU
